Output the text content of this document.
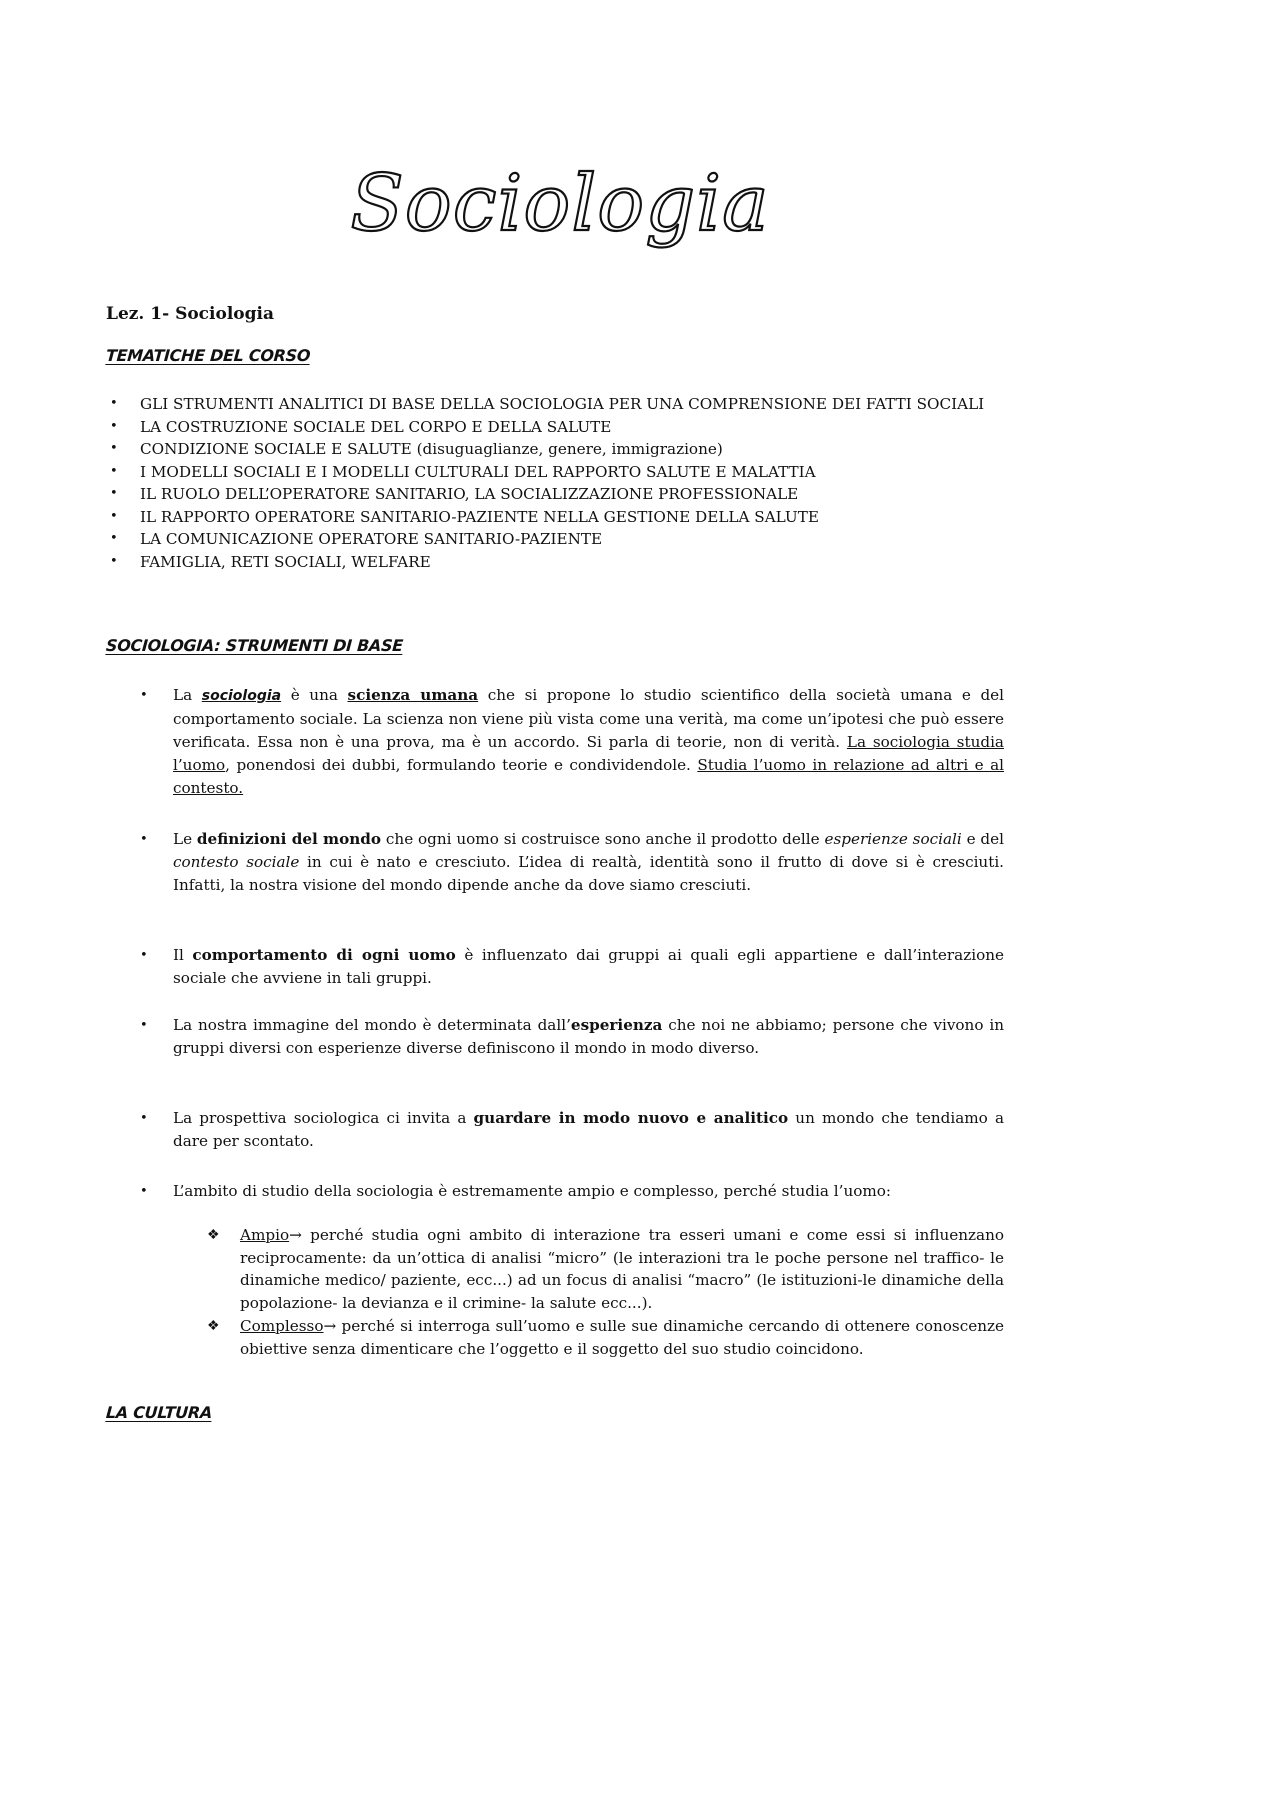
Sociologia
Lez. 1- Sociologia
TEMATICHE DEL CORSO
• GLI STRUMENTI ANALITICI DI BASE DELLA SOCIOLOGIA PER UNA COMPRENSIONE DEI FATTI SOCIALI
• LA COSTRUZIONE SOCIALE DEL CORPO E DELLA SALUTE
• CONDIZIONE SOCIALE E SALUTE (disuguaglianze, genere, immigrazione)
• I MODELLI SOCIALI E I MODELLI CULTURALI DEL RAPPORTO SALUTE E MALATTIA
• IL RUOLO DELL’OPERATORE SANITARIO, LA SOCIALIZZAZIONE PROFESSIONALE
• IL RAPPORTO OPERATORE SANITARIO-PAZIENTE NELLA GESTIONE DELLA SALUTE
• LA COMUNICAZIONE OPERATORE SANITARIO-PAZIENTE
• FAMIGLIA, RETI SOCIALI, WELFARE
SOCIOLOGIA: STRUMENTI DI BASE
• La sociologia è una scienza umana che si propone lo studio scientifico della società umana e del comportamento sociale. La scienza non viene più vista come una verità, ma come un’ipotesi che può essere verificata. Essa non è una prova, ma è un accordo. Si parla di teorie, non di verità. La sociologia studia l’uomo, ponendosi dei dubbi, formulando teorie e condividendole. Studia l’uomo in relazione ad altri e al contesto.
• Le definizioni del mondo che ogni uomo si costruisce sono anche il prodotto delle esperienze sociali e del contesto sociale in cui è nato e cresciuto. L’idea di realtà, identità sono il frutto di dove si è cresciuti. Infatti, la nostra visione del mondo dipende anche da dove siamo cresciuti.
• Il comportamento di ogni uomo è influenzato dai gruppi ai quali egli appartiene e dall’interazione sociale che avviene in tali gruppi.
• La nostra immagine del mondo è determinata dall’esperienza che noi ne abbiamo; persone che vivono in gruppi diversi con esperienze diverse definiscono il mondo in modo diverso.
• La prospettiva sociologica ci invita a guardare in modo nuovo e analitico un mondo che tendiamo a dare per scontato.
• L’ambito di studio della sociologia è estremamente ampio e complesso, perché studia l’uomo:
❖ Ampio→ perché studia ogni ambito di interazione tra esseri umani e come essi si influenzano reciprocamente: da un’ottica di analisi “micro” (le interazioni tra le poche persone nel traffico- le dinamiche medico/ paziente, ecc...) ad un focus di analisi “macro” (le istituzioni-le dinamiche della popolazione- la devianza e il crimine- la salute ecc...).
❖ Complesso→ perché si interroga sull’uomo e sulle sue dinamiche cercando di ottenere conoscenze obiettive senza dimenticare che l’oggetto e il soggetto del suo studio coincidono.
LA CULTURA
